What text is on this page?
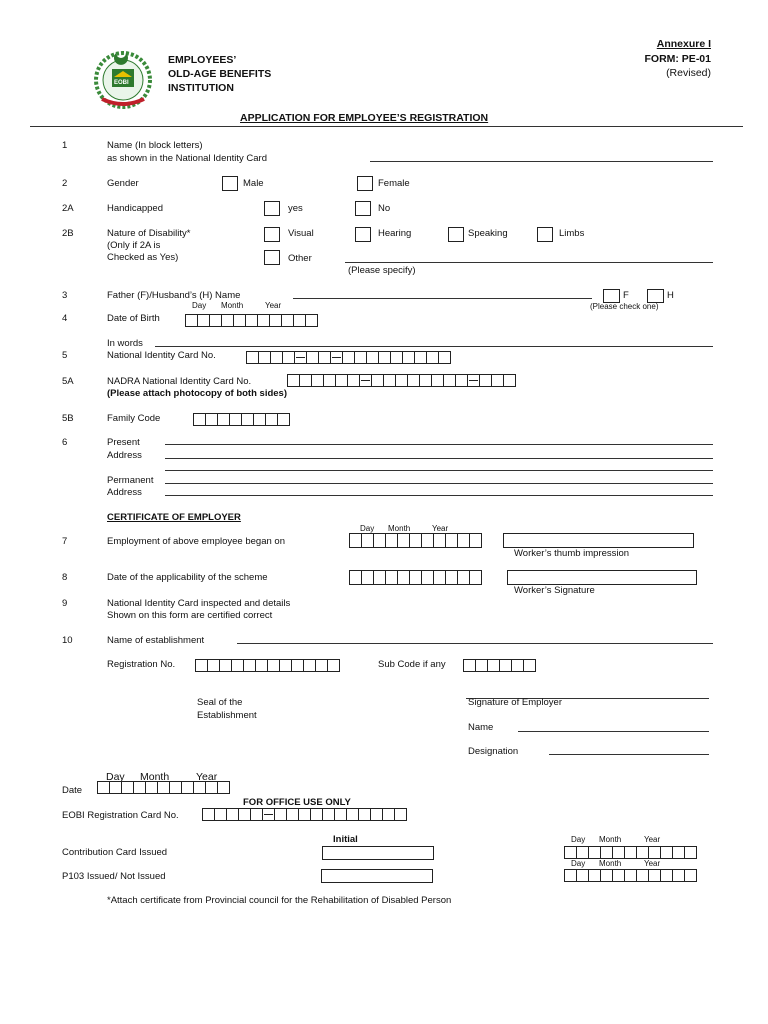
EOBI
EMPLOYEES’
OLD-AGE BENEFITS
INSTITUTION
Annexure I
FORM: PE-01
(Revised)
APPLICATION FOR EMPLOYEE’S REGISTRATION
1	Name (In block letters)
as shown in the National Identity Card
2	Gender	Male	Female
2A	Handicapped	yes	No
2B	Nature of Disability*
(Only if 2A is
Checked as Yes)
Visual	Hearing	Speaking	Limbs
Other
(Please specify)
3	Father (F)/Husband’s (H) Name	F	H
(Please check one)
Day Month	Year
4	Date of Birth
In words
5	National Identity Card No.
5A	NADRA National Identity Card No.
(Please attach photocopy of both sides)
5B	Family Code
6	Present
Address
Permanent
Address
CERTIFICATE OF EMPLOYER
Day Month	Year
7	Employment of above employee began on
Worker’s thumb impression
8	Date of the applicability of the scheme
Worker’s Signature
9	National Identity Card inspected and details
Shown on this form are certified correct
10	Name of establishment
Registration No.	Sub Code if any
Seal of the
Establishment
Signature of Employer
Name
Designation
Day Month	Year
Date
FOR OFFICE USE ONLY
EOBI Registration Card No.
Initial	Day Month	Year
Contribution Card Issued
Day Month	Year
P103 Issued/ Not Issued
*Attach certificate from Provincial council for the Rehabilitation of Disabled Person
